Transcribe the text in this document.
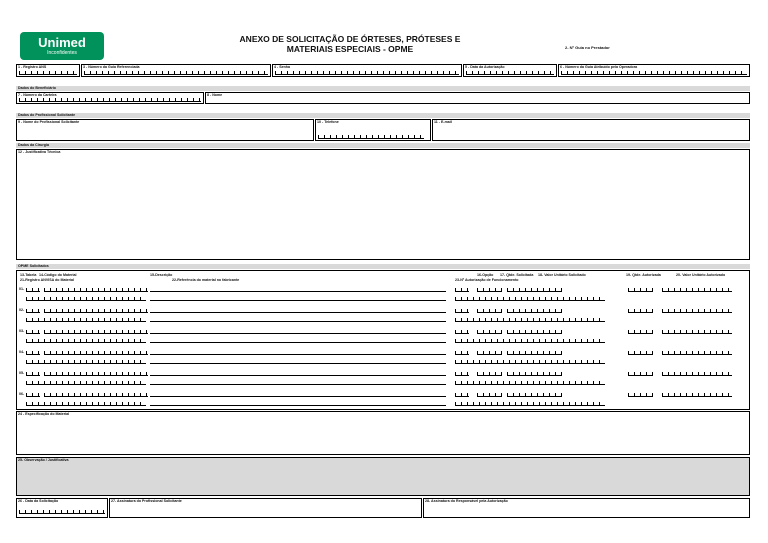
Unimed
Inconfidentes
ANEXO DE SOLICITAÇÃO DE ÓRTESES, PRÓTESES E
MATERIAIS ESPECIAIS - OPME	2- Nº Guia no Prestador
1 - Registro ANS	3 - Número da Guia Referenciada	4 - Senha	5 - Data da Autorização	6 - Número da Guia Atribuído pela Operadora
Dados do Beneficiário
7 - Número da Carteira	8 - Nome
Dados do Profissional Solicitante
9 - Nome do Profissional Solicitante	10 - Telefone	11 - E-mail
Dados da Cirurgia
12 - Justificativa Técnica
OPME Solicitados
13-Tabela 14-Código do Material	15-Descrição	16-Opção 17- Qtde. Solicitada 18- Valor Unitário Solicitado	19- Qtde. Autorizada	20- Valor Unitário Autorizado
21-Registro ANVISA do Material	22-Referência do material no fabricante	23-Nº Autorização de Funcionamento
01-
02-
03-
04-
05-
06-
24 - Especificação do Material
25- Observação / Justificativa
26 - Data da Solicitação	27- Assinatura do Profissional Solicitante	28- Assinatura do Responsável pela Autorização
